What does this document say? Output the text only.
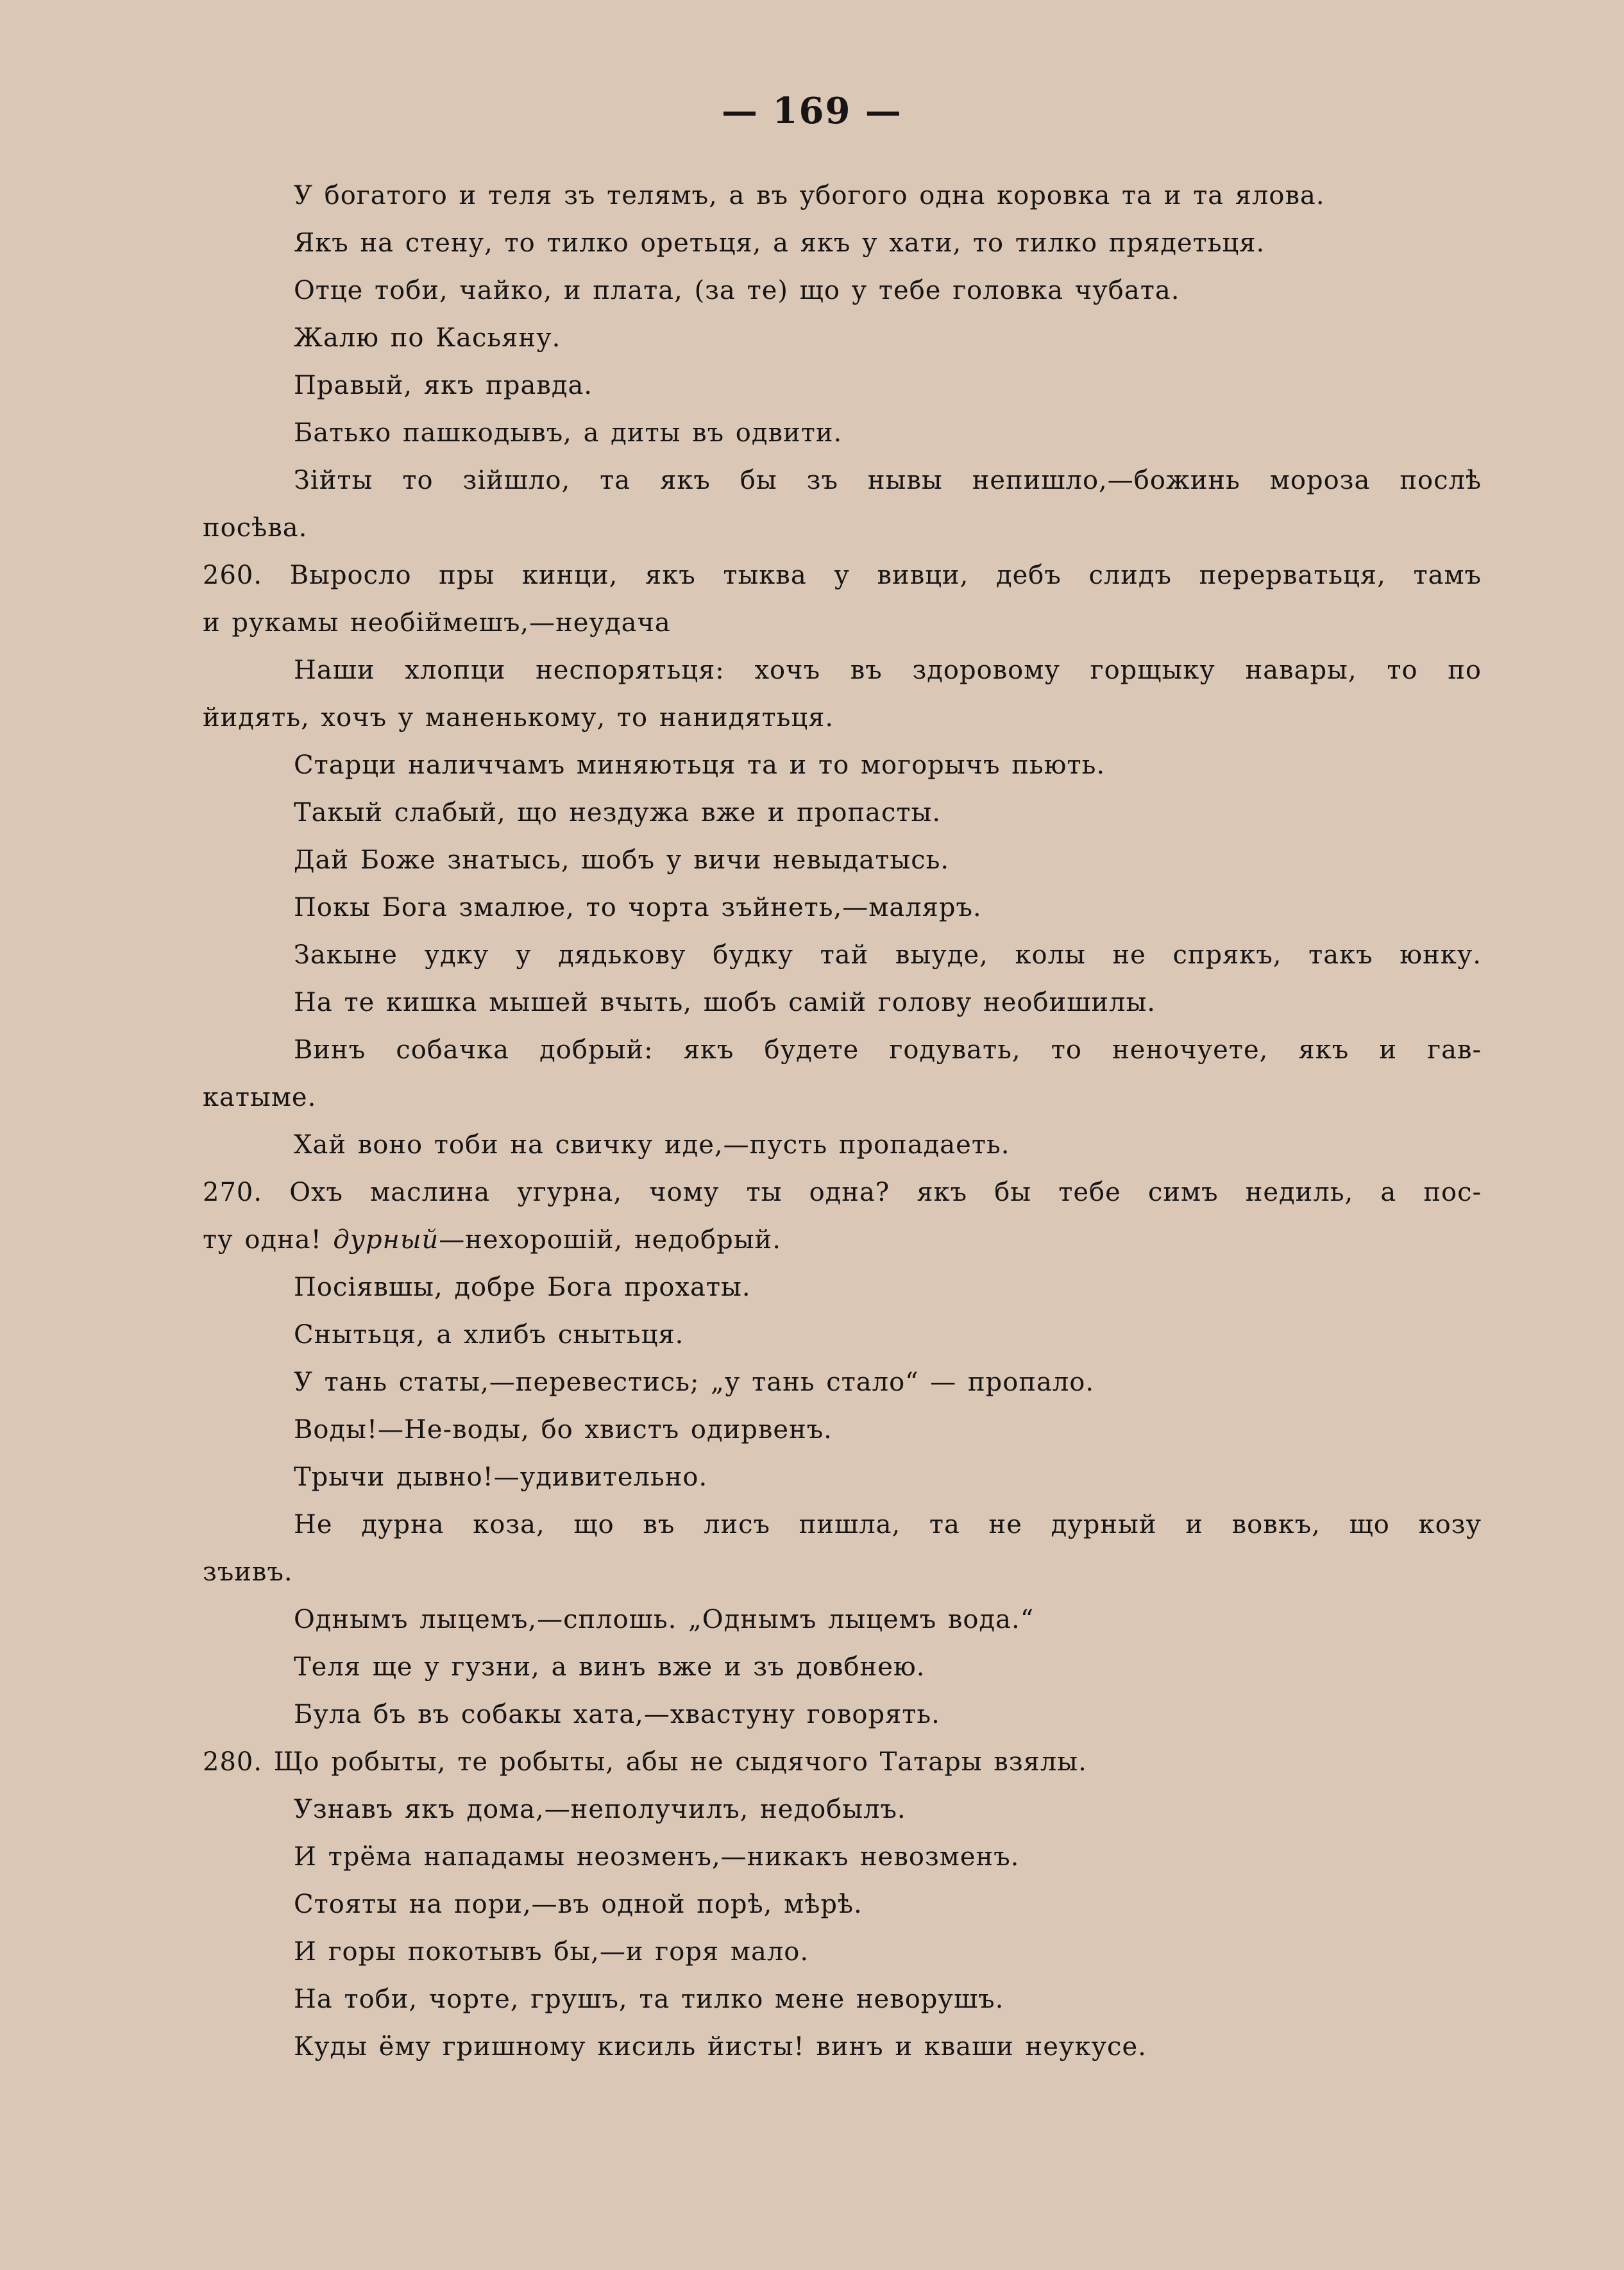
— 169 —
У богатого и теля зъ телямъ, а въ убогого одна коровка та и та ялова.
Якъ на стену, то тилко оретьця, а якъ у хати, то тилко прядетьця.
Отце тоби, чайко, и плата, (за те) що у тебе головка чубата.
Жалю по Касьяну.
Правый, якъ правда.
Батько пашкодывъ, а диты въ одвити.
Зійты то зійшло, та якъ бы зъ нывы непишло,—божинь мороза послѣ
посѣва.
260. Выросло пры кинци, якъ тыква у вивци, дебъ слидъ перерватьця, тамъ
и рукамы необіймешъ,—неудача
Наши хлопци неспорятьця: хочъ въ здоровому горщыку навары, то по
йидять, хочъ у маненькому, то нанидятьця.
Старци наличчамъ миняютьця та и то могорычъ пьють.
Такый слабый, що нездужа вже и пропасты.
Дай Боже знатысь, шобъ у вичи невыдатысь.
Покы Бога змалюе, то чорта зъйнеть,—маляръ.
Закыне удку у дядькову будку тай выуде, колы не спрякъ, такъ юнку.
На те кишка мышей вчыть, шобъ самій голову необишилы.
Винъ собачка добрый: якъ будете годувать, то неночуете, якъ и гав-
катыме.
Хай воно тоби на свичку иде,—пусть пропадаеть.
270. Охъ маслина угурна, чому ты одна? якъ бы тебе симъ недиль, а пос-
ту одна! дурный—нехорошій, недобрый.
Посіявшы, добре Бога прохаты.
Снытьця, а хлибъ снытьця.
У тань статы,—перевестись; „у тань стало“ — пропало.
Воды!—Не-воды, бо хвистъ одирвенъ.
Трычи дывно!—удивительно.
Не дурна коза, що въ лисъ пишла, та не дурный и вовкъ, що козу
зъивъ.
Однымъ лыцемъ,—сплошь. „Однымъ лыцемъ вода.“
Теля ще у гузни, а винъ вже и зъ довбнею.
Була бъ въ собакы хата,—хвастуну говорять.
280. Що робыты, те робыты, абы не сыдячого Татары взялы.
Узнавъ якъ дома,—неполучилъ, недобылъ.
И трёма нападамы неозменъ,—никакъ невозменъ.
Стояты на пори,—въ одной порѣ, мѣрѣ.
И горы покотывъ бы,—и горя мало.
На тоби, чорте, грушъ, та тилко мене неворушъ.
Куды ёму гришному кисиль йисты! винъ и кваши неукусе.
